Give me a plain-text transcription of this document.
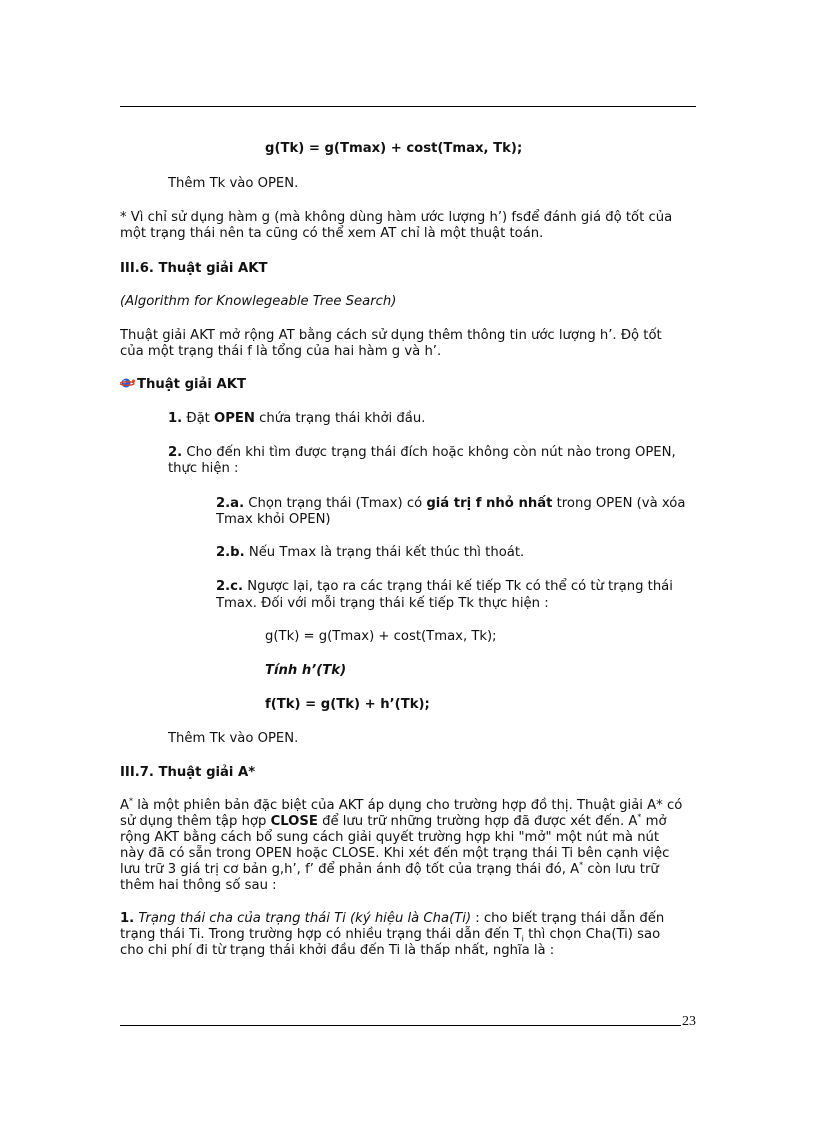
g(Tk) = g(Tmax) + cost(Tmax, Tk);
Thêm Tk vào OPEN.
* Vì chỉ sử dụng hàm g (mà không dùng hàm ước lượng h’) fsđể đánh giá độ tốt của
một trạng thái nên ta cũng có thể xem AT chỉ là một thuật toán.
III.6. Thuật giải AKT
(Algorithm for Knowlegeable Tree Search)
Thuật giải AKT mở rộng AT bằng cách sử dụng thêm thông tin ước lượng h’. Độ tốt
của một trạng thái f là tổng của hai hàm g và h’.
Thuật giải AKT
1. Đặt OPEN chứa trạng thái khởi đầu.
2. Cho đến khi tìm được trạng thái đích hoặc không còn nút nào trong OPEN,
thực hiện :
2.a. Chọn trạng thái (Tmax) có giá trị f nhỏ nhất trong OPEN (và xóa
Tmax khỏi OPEN)
2.b. Nếu Tmax là trạng thái kết thúc thì thoát.
2.c. Ngược lại, tạo ra các trạng thái kế tiếp Tk có thể có từ trạng thái
Tmax. Đối với mỗi trạng thái kế tiếp Tk thực hiện :
g(Tk) = g(Tmax) + cost(Tmax, Tk);
Tính h’(Tk)
f(Tk) = g(Tk) + h’(Tk);
Thêm Tk vào OPEN.
III.7. Thuật giải A*
A* là một phiên bản đặc biệt của AKT áp dụng cho trường hợp đồ thị. Thuật giải A* có
sử dụng thêm tập hợp CLOSE để lưu trữ những trường hợp đã được xét đến. A* mở
rộng AKT bằng cách bổ sung cách giải quyết trường hợp khi "mở" một nút mà nút
này đã có sẵn trong OPEN hoặc CLOSE. Khi xét đến một trạng thái Ti bên cạnh việc
lưu trữ 3 giá trị cơ bản g,h’, f’ để phản ánh độ tốt của trạng thái đó, A* còn lưu trữ
thêm hai thông số sau :
1. Trạng thái cha của trạng thái Ti (ký hiệu là Cha(Ti) : cho biết trạng thái dẫn đến
trạng thái Ti. Trong trường hợp có nhiều trạng thái dẫn đến $T_i$ thì chọn Cha(Ti) sao
cho chi phí đi từ trạng thái khởi đầu đến Ti là thấp nhất, nghĩa là :
23
